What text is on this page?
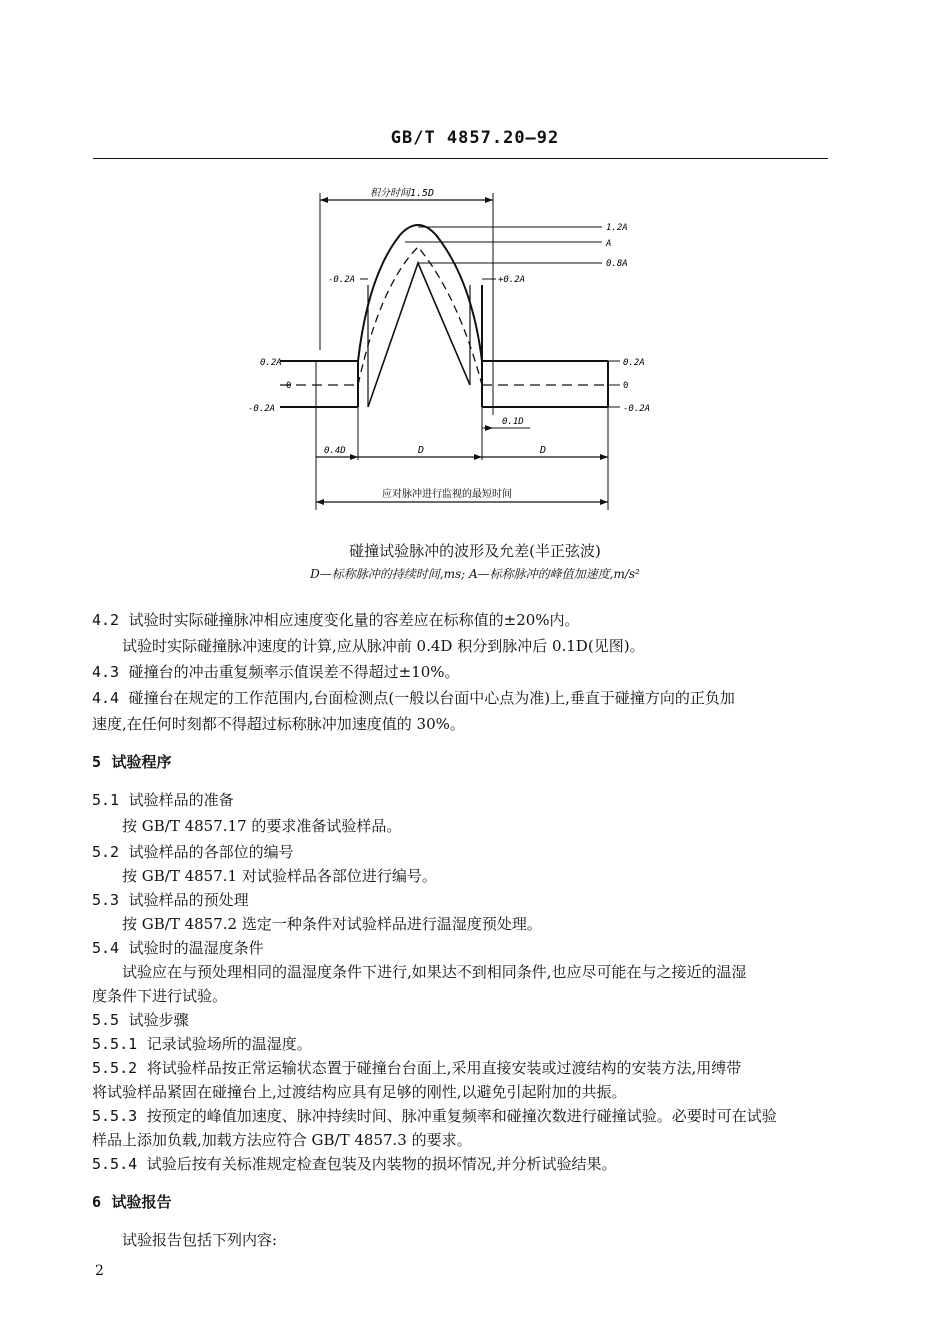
GB/T 4857.20—92
积分时间1.5D
1.2A
A
0.8A
-0.2A	+0.2A
0.2A
0
-0.2A
0.2A
0
-0.2A
0.1D
0.4D	D	D
应对脉冲进行监视的最短时间
碰撞试验脉冲的波形及允差(半正弦波)
D—标称脉冲的持续时间,ms; A—标称脉冲的峰值加速度,m/s²
4.2 试验时实际碰撞脉冲相应速度变化量的容差应在标称值的±20%内。
试验时实际碰撞脉冲速度的计算,应从脉冲前 0.4D 积分到脉冲后 0.1D(见图)。
4.3 碰撞台的冲击重复频率示值误差不得超过±10%。
4.4 碰撞台在规定的工作范围内,台面检测点(一般以台面中心点为准)上,垂直于碰撞方向的正负加
速度,在任何时刻都不得超过标称脉冲加速度值的 30%。
5 试验程序
5.1 试验样品的准备
按 GB/T 4857.17 的要求准备试验样品。
5.2 试验样品的各部位的编号
按 GB/T 4857.1 对试验样品各部位进行编号。
5.3 试验样品的预处理
按 GB/T 4857.2 选定一种条件对试验样品进行温湿度预处理。
5.4 试验时的温湿度条件
试验应在与预处理相同的温湿度条件下进行,如果达不到相同条件,也应尽可能在与之接近的温湿
度条件下进行试验。
5.5 试验步骤
5.5.1 记录试验场所的温湿度。
5.5.2 将试验样品按正常运输状态置于碰撞台台面上,采用直接安装或过渡结构的安装方法,用缚带
将试验样品紧固在碰撞台上,过渡结构应具有足够的刚性,以避免引起附加的共振。
5.5.3 按预定的峰值加速度、脉冲持续时间、脉冲重复频率和碰撞次数进行碰撞试验。必要时可在试验
样品上添加负载,加载方法应符合 GB/T 4857.3 的要求。
5.5.4 试验后按有关标准规定检查包装及内装物的损坏情况,并分析试验结果。
6 试验报告
试验报告包括下列内容:
2
